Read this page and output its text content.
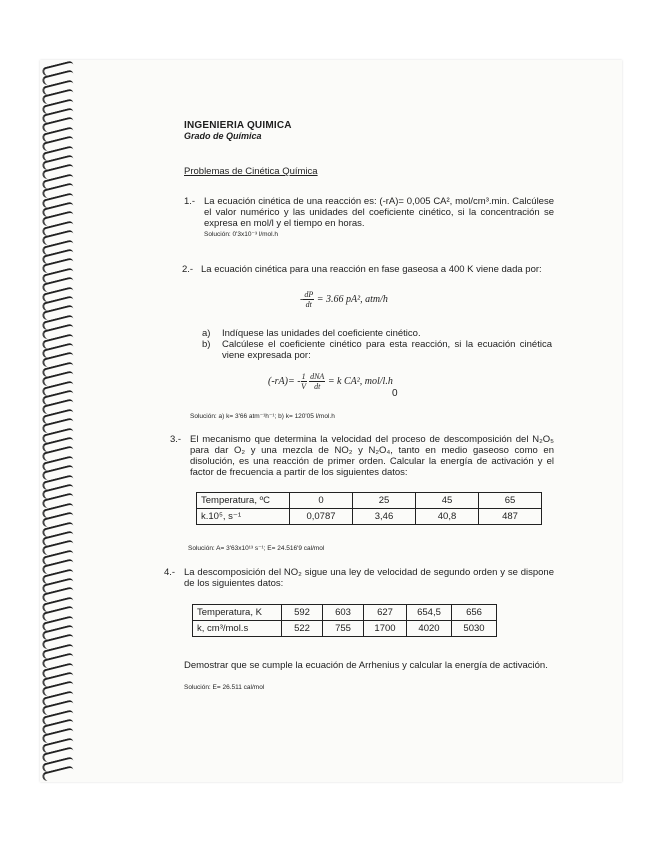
INGENIERIA QUIMICA
Grado de Química
Problemas de Cinética Química
1.- La ecuación cinética de una reacción es: (-rA)= 0,005 CA², mol/cm³.min. Calcúlese el valor numérico y las unidades del coeficiente cinético, si la concentración se expresa en mol/l y el tiempo en horas.
Solución: 0'3x10⁻³ l/mol.h
2.- La ecuación cinética para una reacción en fase gaseosa a 400 K viene dada por:
- $\frac{dP}{dt} = 3.66$ pA², atm/h
a) Indíquese las unidades del coeficiente cinético.
b) Calcúlese el coeficiente cinético para esta reacción, si la ecuación cinética viene expresada por:
$(-rA)= - \frac{1}{V}$
$\frac{\text{dNA}}{dt} = k$ CA², mol/l.h
0
Solución: a) k= 3'66 atm⁻¹h⁻¹; b) k= 120'05 l/mol.h
3.- El mecanismo que determina la velocidad del proceso de descomposición del N₂O₅ para dar O₂ y una mezcla de NO₂ y N₂O₄, tanto en medio gaseoso como en disolución, es una reacción de primer orden. Calcular la energía de activación y el factor de frecuencia a partir de los siguientes datos:
Temperatura, ºC	0	25	45	65
k.10⁵, s⁻¹	0,0787	3,46	40,8	487
Solución: A= 3'63x10¹³ s⁻¹; E= 24.516'9 cal/mol
4.- La descomposición del NO₂ sigue una ley de velocidad de segundo orden y se dispone de los siguientes datos:
Temperatura, K	592	603	627	654,5	656
k, cm³/mol.s	522	755	1700	4020	5030
Demostrar que se cumple la ecuación de Arrhenius y calcular la energía de activación.
Solución: E= 26.511 cal/mol
